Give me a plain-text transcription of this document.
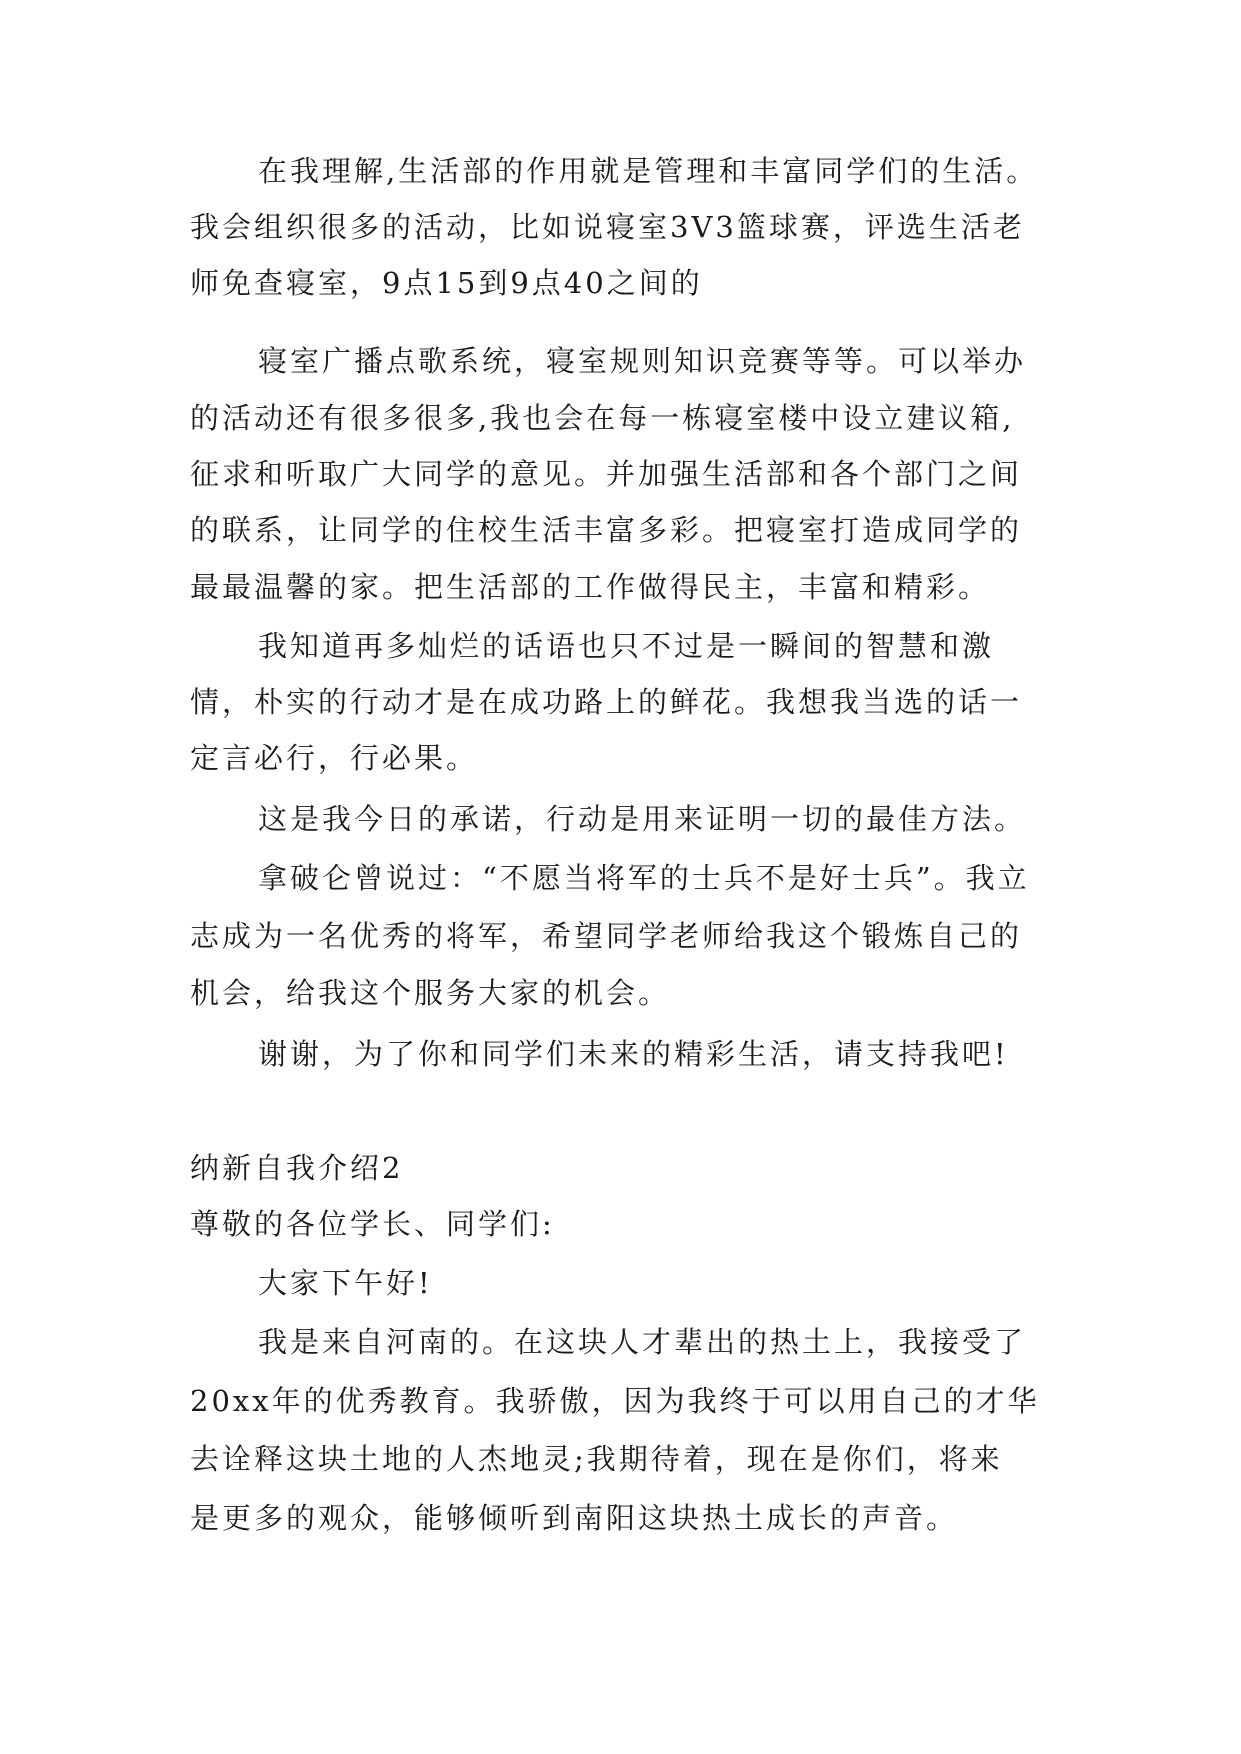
在我理解,生活部的作用就是管理和丰富同学们的生活。
我会组织很多的活动，比如说寝室3V3篮球赛，评选生活老
师免查寝室，9点15到9点40之间的
寝室广播点歌系统，寝室规则知识竞赛等等。可以举办
的活动还有很多很多,我也会在每一栋寝室楼中设立建议箱,
征求和听取广大同学的意见。并加强生活部和各个部门之间
的联系，让同学的住校生活丰富多彩。把寝室打造成同学的
最最温馨的家。把生活部的工作做得民主，丰富和精彩。
我知道再多灿烂的话语也只不过是一瞬间的智慧和激
情，朴实的行动才是在成功路上的鲜花。我想我当选的话一
定言必行，行必果。
这是我今日的承诺，行动是用来证明一切的最佳方法。
拿破仑曾说过：“不愿当将军的士兵不是好士兵”。我立
志成为一名优秀的将军，希望同学老师给我这个锻炼自己的
机会，给我这个服务大家的机会。
谢谢，为了你和同学们未来的精彩生活，请支持我吧!
纳新自我介绍2
尊敬的各位学长、同学们:
大家下午好!
我是来自河南的。在这块人才辈出的热土上，我接受了
20xx年的优秀教育。我骄傲，因为我终于可以用自己的才华
去诠释这块土地的人杰地灵;我期待着，现在是你们，将来
是更多的观众，能够倾听到南阳这块热土成长的声音。
